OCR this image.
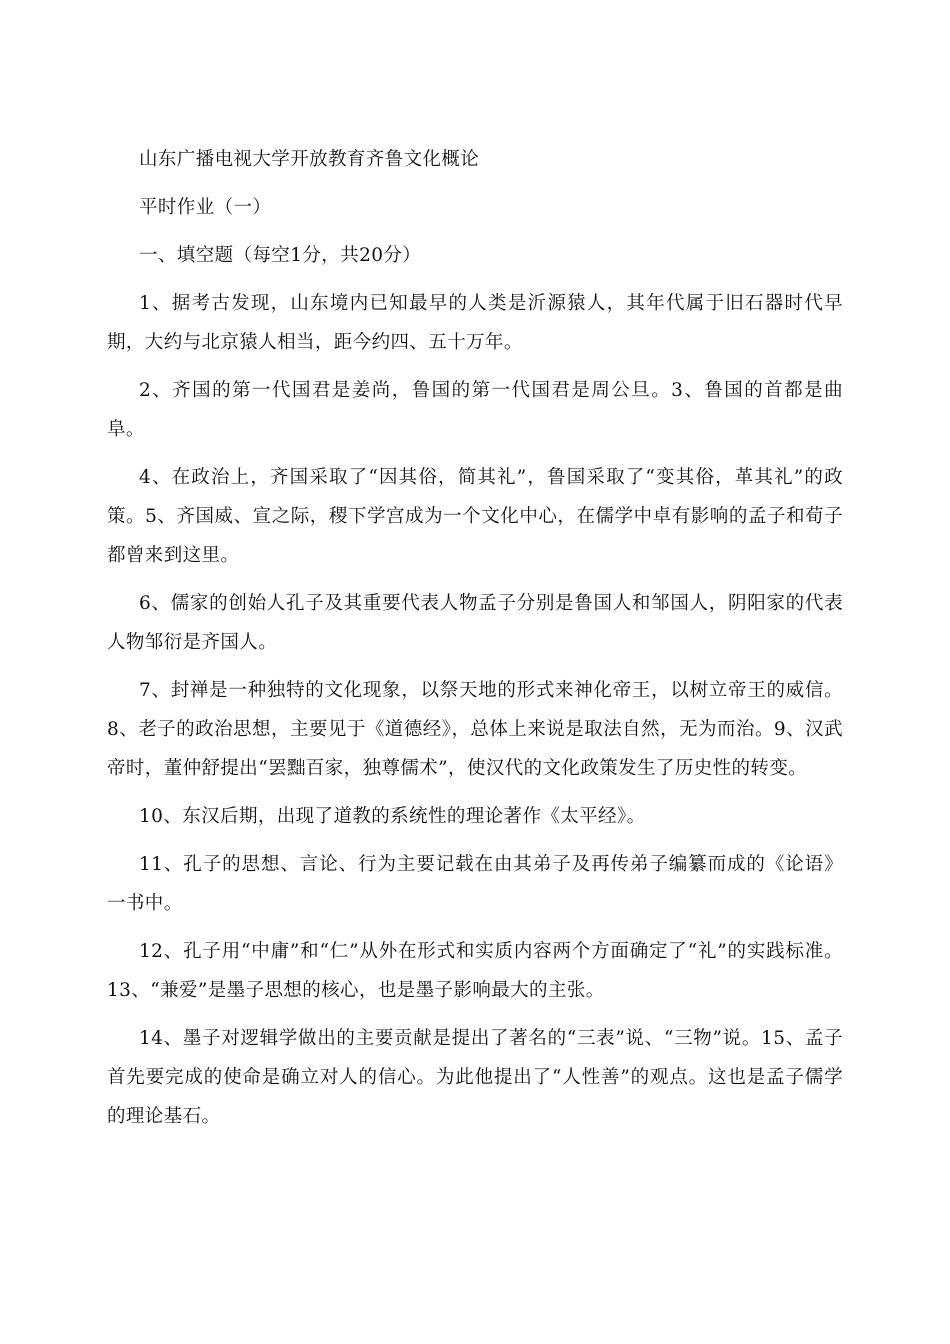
山东广播电视大学开放教育齐鲁文化概论

平时作业（一）

一、填空题（每空1分，共20分）

1、据考古发现，山东境内已知最早的人类是沂源猿人，其年代属于旧石器时代早期，大约与北京猿人相当，距今约四、五十万年。

2、齐国的第一代国君是姜尚，鲁国的第一代国君是周公旦。3、鲁国的首都是曲阜。

4、在政治上，齐国采取了“因其俗，简其礼”，鲁国采取了“变其俗，革其礼”的政策。5、齐国威、宣之际，稷下学宫成为一个文化中心，在儒学中卓有影响的孟子和荀子都曾来到这里。

6、儒家的创始人孔子及其重要代表人物孟子分别是鲁国人和邹国人，阴阳家的代表人物邹衍是齐国人。

7、封禅是一种独特的文化现象，以祭天地的形式来神化帝王，以树立帝王的威信。8、老子的政治思想，主要见于《道德经》，总体上来说是取法自然，无为而治。9、汉武帝时，董仲舒提出“罢黜百家，独尊儒术”，使汉代的文化政策发生了历史性的转变。

10、东汉后期，出现了道教的系统性的理论著作《太平经》。

11、孔子的思想、言论、行为主要记载在由其弟子及再传弟子编纂而成的《论语》一书中。

12、孔子用“中庸”和“仁”从外在形式和实质内容两个方面确定了“礼”的实践标准。13、“兼爱”是墨子思想的核心，也是墨子影响最大的主张。

14、墨子对逻辑学做出的主要贡献是提出了著名的“三表”说、“三物”说。15、孟子首先要完成的使命是确立对人的信心。为此他提出了“人性善”的观点。这也是孟子儒学的理论基石。
